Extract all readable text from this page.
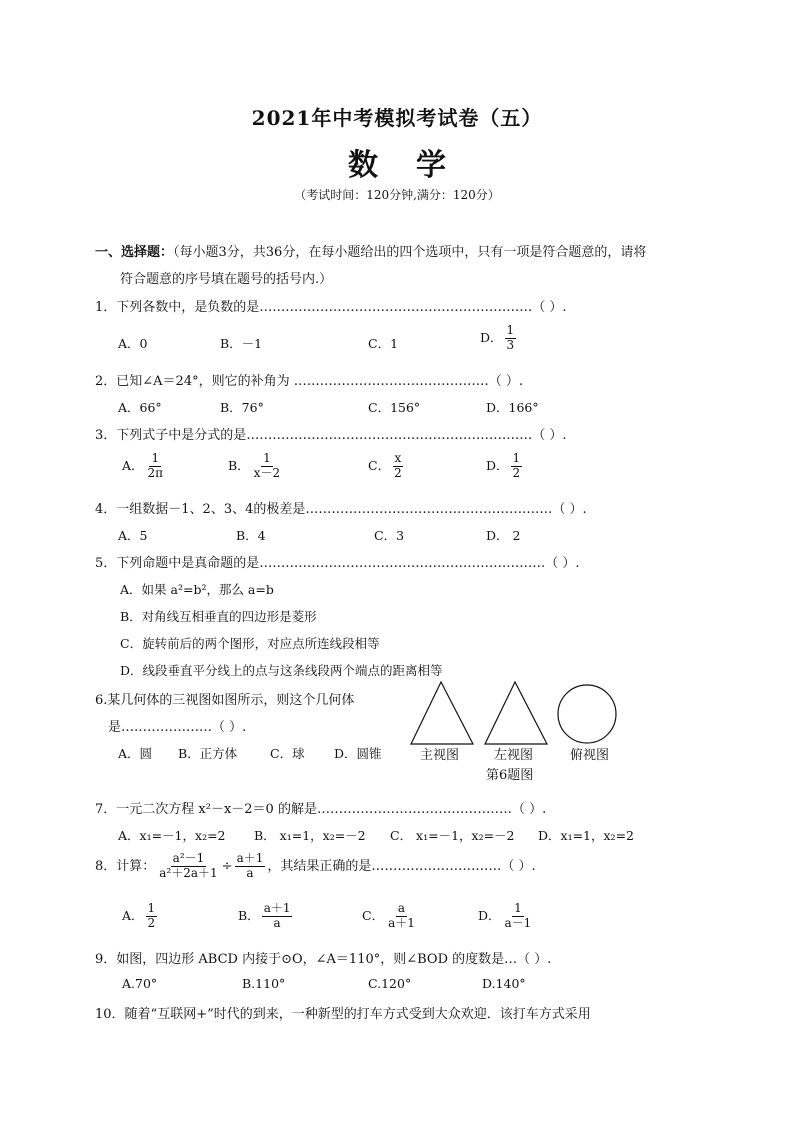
2021年中考模拟考试卷（五）
数学
（考试时间：120分钟,满分：120分）
一、选择题：（每小题3分，共36分，在每小题给出的四个选项中，只有一项是符合题意的，请将
符合题意的序号填在题号的括号内.）
1．下列各数中，是负数的是………………………………………………………（ ）.
A．0	B．－1	C．1	D． $\frac{1}{3}$
2．已知∠A＝24°，则它的补角为 ………………………………………（ ）.
A．66°	B．76°	C．156°	D．166°
3．下列式子中是分式的是…………………………………………………………（ ）.
A． $\frac{1}{2\pi}$	B． $\frac{1}{x-2}$	C． $\frac{x}{2}$	D． $\frac{1}{2}$
4．一组数据－1、2、3、4的极差是…………………………………………………（ ）.
A．5	B．4	C．3	D． 2
5．下列命题中是真命题的是…………………………………………………………（ ）.
A．如果 a²=b²，那么 a=b
B．对角线互相垂直的四边形是菱形
C．旋转前后的两个图形，对应点所连线段相等
D．线段垂直平分线上的点与这条线段两个端点的距离相等
6.某几何体的三视图如图所示，则这个几何体
是…………………（ ）.
A．圆 B．正方体	C．球 D．圆锥	主视图	左视图	俯视图
第6题图
7．一元二次方程 x²－x－2＝0 的解是………………………………………（ ）.
A．x₁=－1，x₂=2 B． x₁=1，x₂=－2 C． x₁=－1，x₂=－2 D．x₁=1，x₂=2
8．计算： $\frac{\text{a²－1}}{\text{a²＋2a＋1}} \div \frac{a+1}{a}$ ，其结果正确的是…………………………（ ）.
A． $\frac{1}{2}$	B． $\frac{a+1}{a}$	C． $\frac{a}{a+1}$	D． $\frac{1}{a-1}$
9．如图，四边形 ABCD 内接于⊙O，∠A＝110°，则∠BOD 的度数是…（ ）.
A.70°	B.110°	C.120°	D.140°
10．随着“互联网+”时代的到来，一种新型的打车方式受到大众欢迎．该打车方式采用
